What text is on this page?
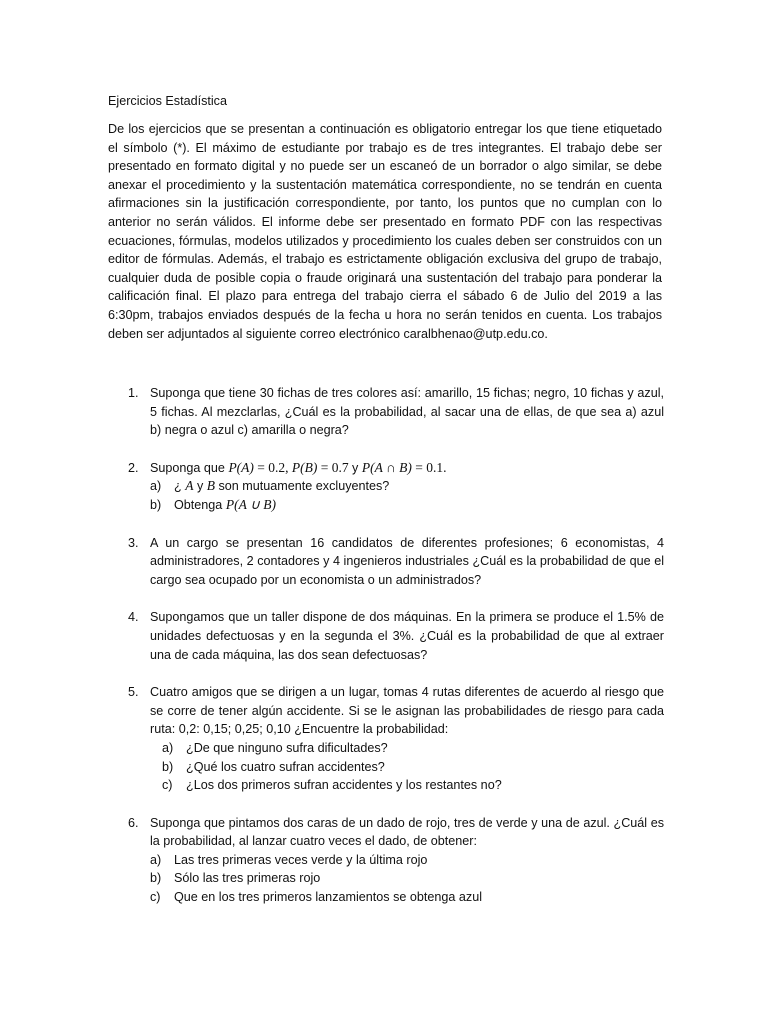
Ejercicios Estadística

De los ejercicios que se presentan a continuación es obligatorio entregar los que tiene etiquetado el símbolo (*). El máximo de estudiante por trabajo es de tres integrantes. El trabajo debe ser presentado en formato digital y no puede ser un escaneó de un borrador o algo similar, se debe anexar el procedimiento y la sustentación matemática correspondiente, no se tendrán en cuenta afirmaciones sin la justificación correspondiente, por tanto, los puntos que no cumplan con lo anterior no serán válidos. El informe debe ser presentado en formato PDF con las respectivas ecuaciones, fórmulas, modelos utilizados y procedimiento los cuales deben ser construidos con un editor de fórmulas. Además, el trabajo es estrictamente obligación exclusiva del grupo de trabajo, cualquier duda de posible copia o fraude originará una sustentación del trabajo para ponderar la calificación final. El plazo para entrega del trabajo cierra el sábado 6 de Julio del 2019 a las 6:30pm, trabajos enviados después de la fecha u hora no serán tenidos en cuenta. Los trabajos deben ser adjuntados al siguiente correo electrónico caralbhenao@utp.edu.co.

1. Suponga que tiene 30 fichas de tres colores así: amarillo, 15 fichas; negro, 10 fichas y azul, 5 fichas. Al mezclarlas, ¿Cuál es la probabilidad, al sacar una de ellas, de que sea a) azul b) negra o azul c) amarilla o negra?
2. Suponga que P(A) = 0.2, P(B) = 0.7 y P(A ∩ B) = 0.1.
a) ¿ A y B son mutuamente excluyentes?
b) Obtenga P(A ∪ B)
3. A un cargo se presentan 16 candidatos de diferentes profesiones; 6 economistas, 4 administradores, 2 contadores y 4 ingenieros industriales ¿Cuál es la probabilidad de que el cargo sea ocupado por un economista o un administrados?
4. Supongamos que un taller dispone de dos máquinas. En la primera se produce el 1.5% de unidades defectuosas y en la segunda el 3%. ¿Cuál es la probabilidad de que al extraer una de cada máquina, las dos sean defectuosas?
5. Cuatro amigos que se dirigen a un lugar, tomas 4 rutas diferentes de acuerdo al riesgo que se corre de tener algún accidente. Si se le asignan las probabilidades de riesgo para cada ruta: 0,2: 0,15; 0,25; 0,10 ¿Encuentre la probabilidad:
a) ¿De que ninguno sufra dificultades?
b) ¿Qué los cuatro sufran accidentes?
c) ¿Los dos primeros sufran accidentes y los restantes no?
6. Suponga que pintamos dos caras de un dado de rojo, tres de verde y una de azul. ¿Cuál es la probabilidad, al lanzar cuatro veces el dado, de obtener:
a) Las tres primeras veces verde y la última rojo
b) Sólo las tres primeras rojo
c) Que en los tres primeros lanzamientos se obtenga azul
